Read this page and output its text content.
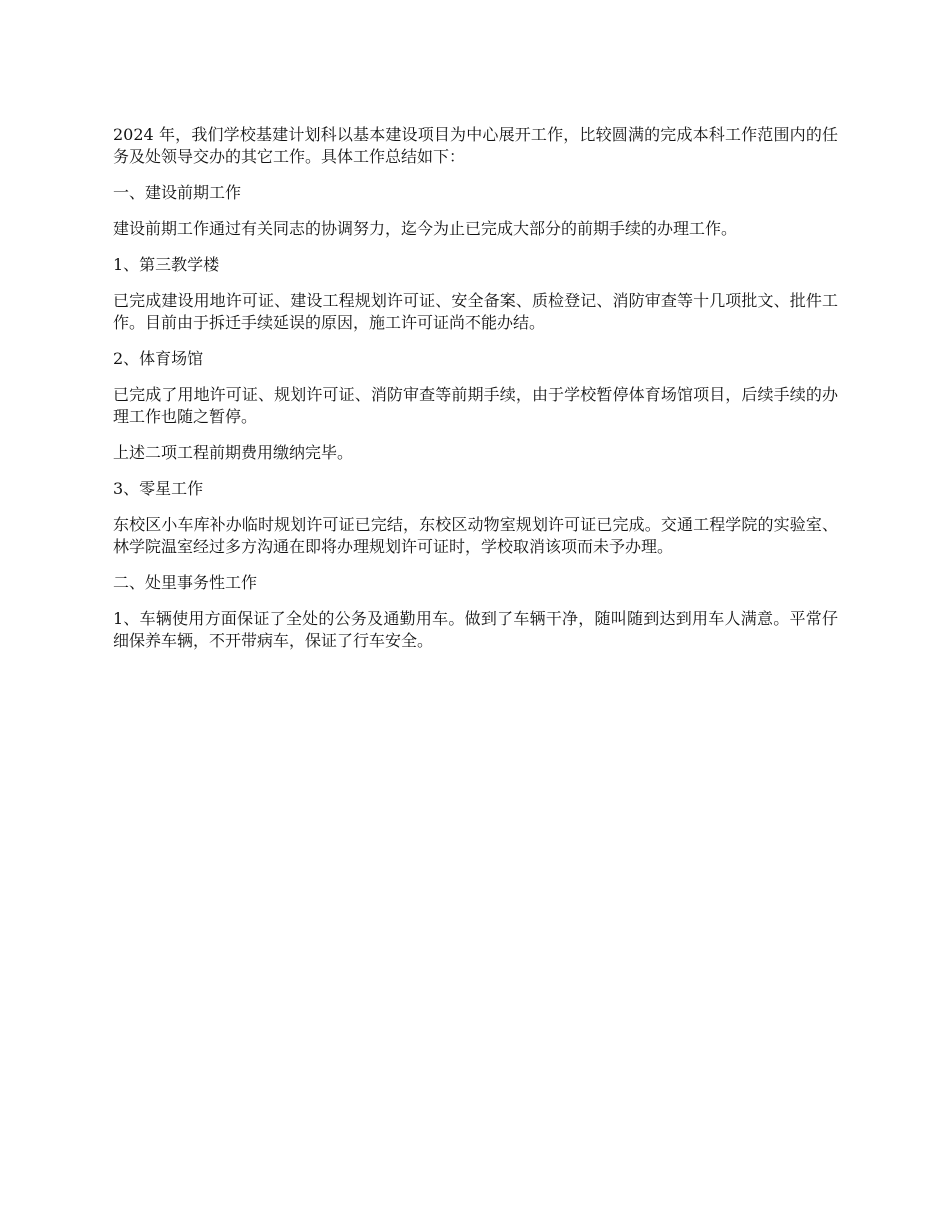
2024 年，我们学校基建计划科以基本建设项目为中心展开工作，比较圆满的完成本科工作范围内的任务及处领导交办的其它工作。具体工作总结如下：

一、建设前期工作

建设前期工作通过有关同志的协调努力，迄今为止已完成大部分的前期手续的办理工作。

1、第三教学楼

已完成建设用地许可证、建设工程规划许可证、安全备案、质检登记、消防审查等十几项批文、批件工作。目前由于拆迁手续延误的原因，施工许可证尚不能办结。

2、体育场馆

已完成了用地许可证、规划许可证、消防审查等前期手续，由于学校暂停体育场馆项目，后续手续的办理工作也随之暂停。

上述二项工程前期费用缴纳完毕。

3、零星工作

东校区小车库补办临时规划许可证已完结，东校区动物室规划许可证已完成。交通工程学院的实验室、林学院温室经过多方沟通在即将办理规划许可证时，学校取消该项而未予办理。

二、处里事务性工作

1、车辆使用方面保证了全处的公务及通勤用车。做到了车辆干净，随叫随到达到用车人满意。平常仔细保养车辆，不开带病车，保证了行车安全。
